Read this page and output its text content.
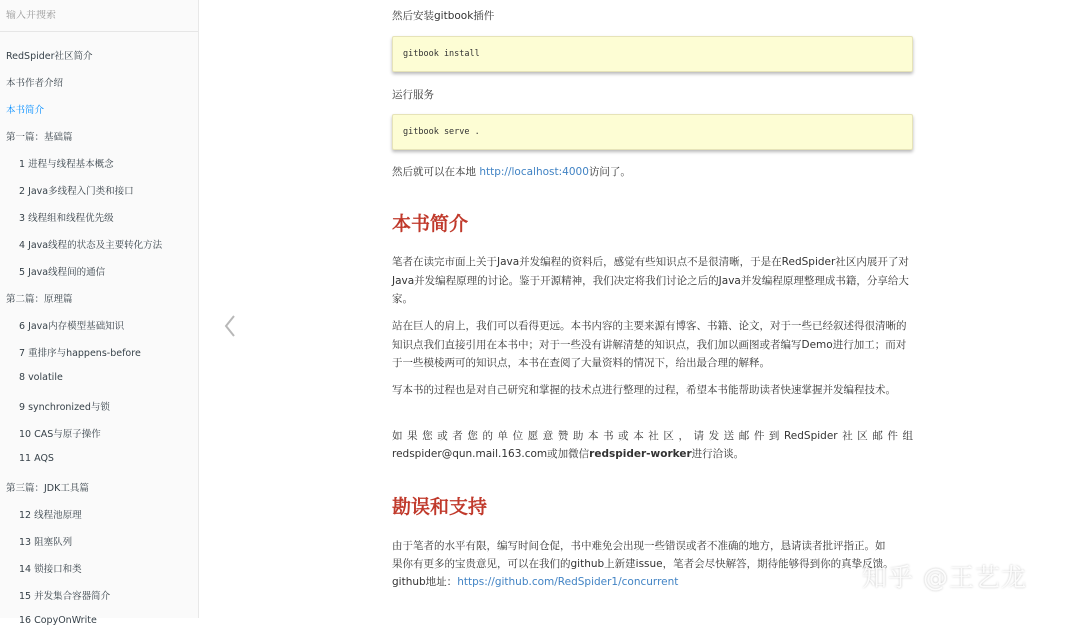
输入并搜索
RedSpider社区简介
本书作者介绍
本书简介
第一篇：基础篇
1 进程与线程基本概念
2 Java多线程入门类和接口
3 线程组和线程优先级
4 Java线程的状态及主要转化方法
5 Java线程间的通信
第二篇：原理篇
6 Java内存模型基础知识
7 重排序与happens-before
8 volatile
9 synchronized与锁
10 CAS与原子操作
11 AQS
第三篇：JDK工具篇
12 线程池原理
13 阻塞队列
14 锁接口和类
15 并发集合容器简介
16 CopyOnWrite
然后安装gitbook插件
gitbook install
运行服务
gitbook serve .
然后就可以在本地 http://localhost:4000访问了。
本书简介
笔者在读完市面上关于Java并发编程的资料后，感觉有些知识点不是很清晰，于是在RedSpider社区内展开了对Java并发编程原理的讨论。鉴于开源精神，我们决定将我们讨论之后的Java并发编程原理整理成书籍，分享给大家。
站在巨人的肩上，我们可以看得更远。本书内容的主要来源有博客、书籍、论文，对于一些已经叙述得很清晰的知识点我们直接引用在本书中；对于一些没有讲解清楚的知识点，我们加以画图或者编写Demo进行加工；而对于一些模棱两可的知识点，本书在查阅了大量资料的情况下，给出最合理的解释。
写本书的过程也是对自己研究和掌握的技术点进行整理的过程，希望本书能帮助读者快速掌握并发编程技术。
如果您或者您的单位愿意赞助本书或本社区，请发送邮件到RedSpider社区邮件组
redspider@qun.mail.163.com或加微信redspider-worker进行洽谈。
勘误和支持
由于笔者的水平有限，编写时间仓促，书中难免会出现一些错误或者不准确的地方，恳请读者批评指正。如
果你有更多的宝贵意见，可以在我们的github上新建issue，笔者会尽快解答，期待能够得到你的真挚反馈。
github地址：https://github.com/RedSpider1/concurrent	知乎 @王艺龙
